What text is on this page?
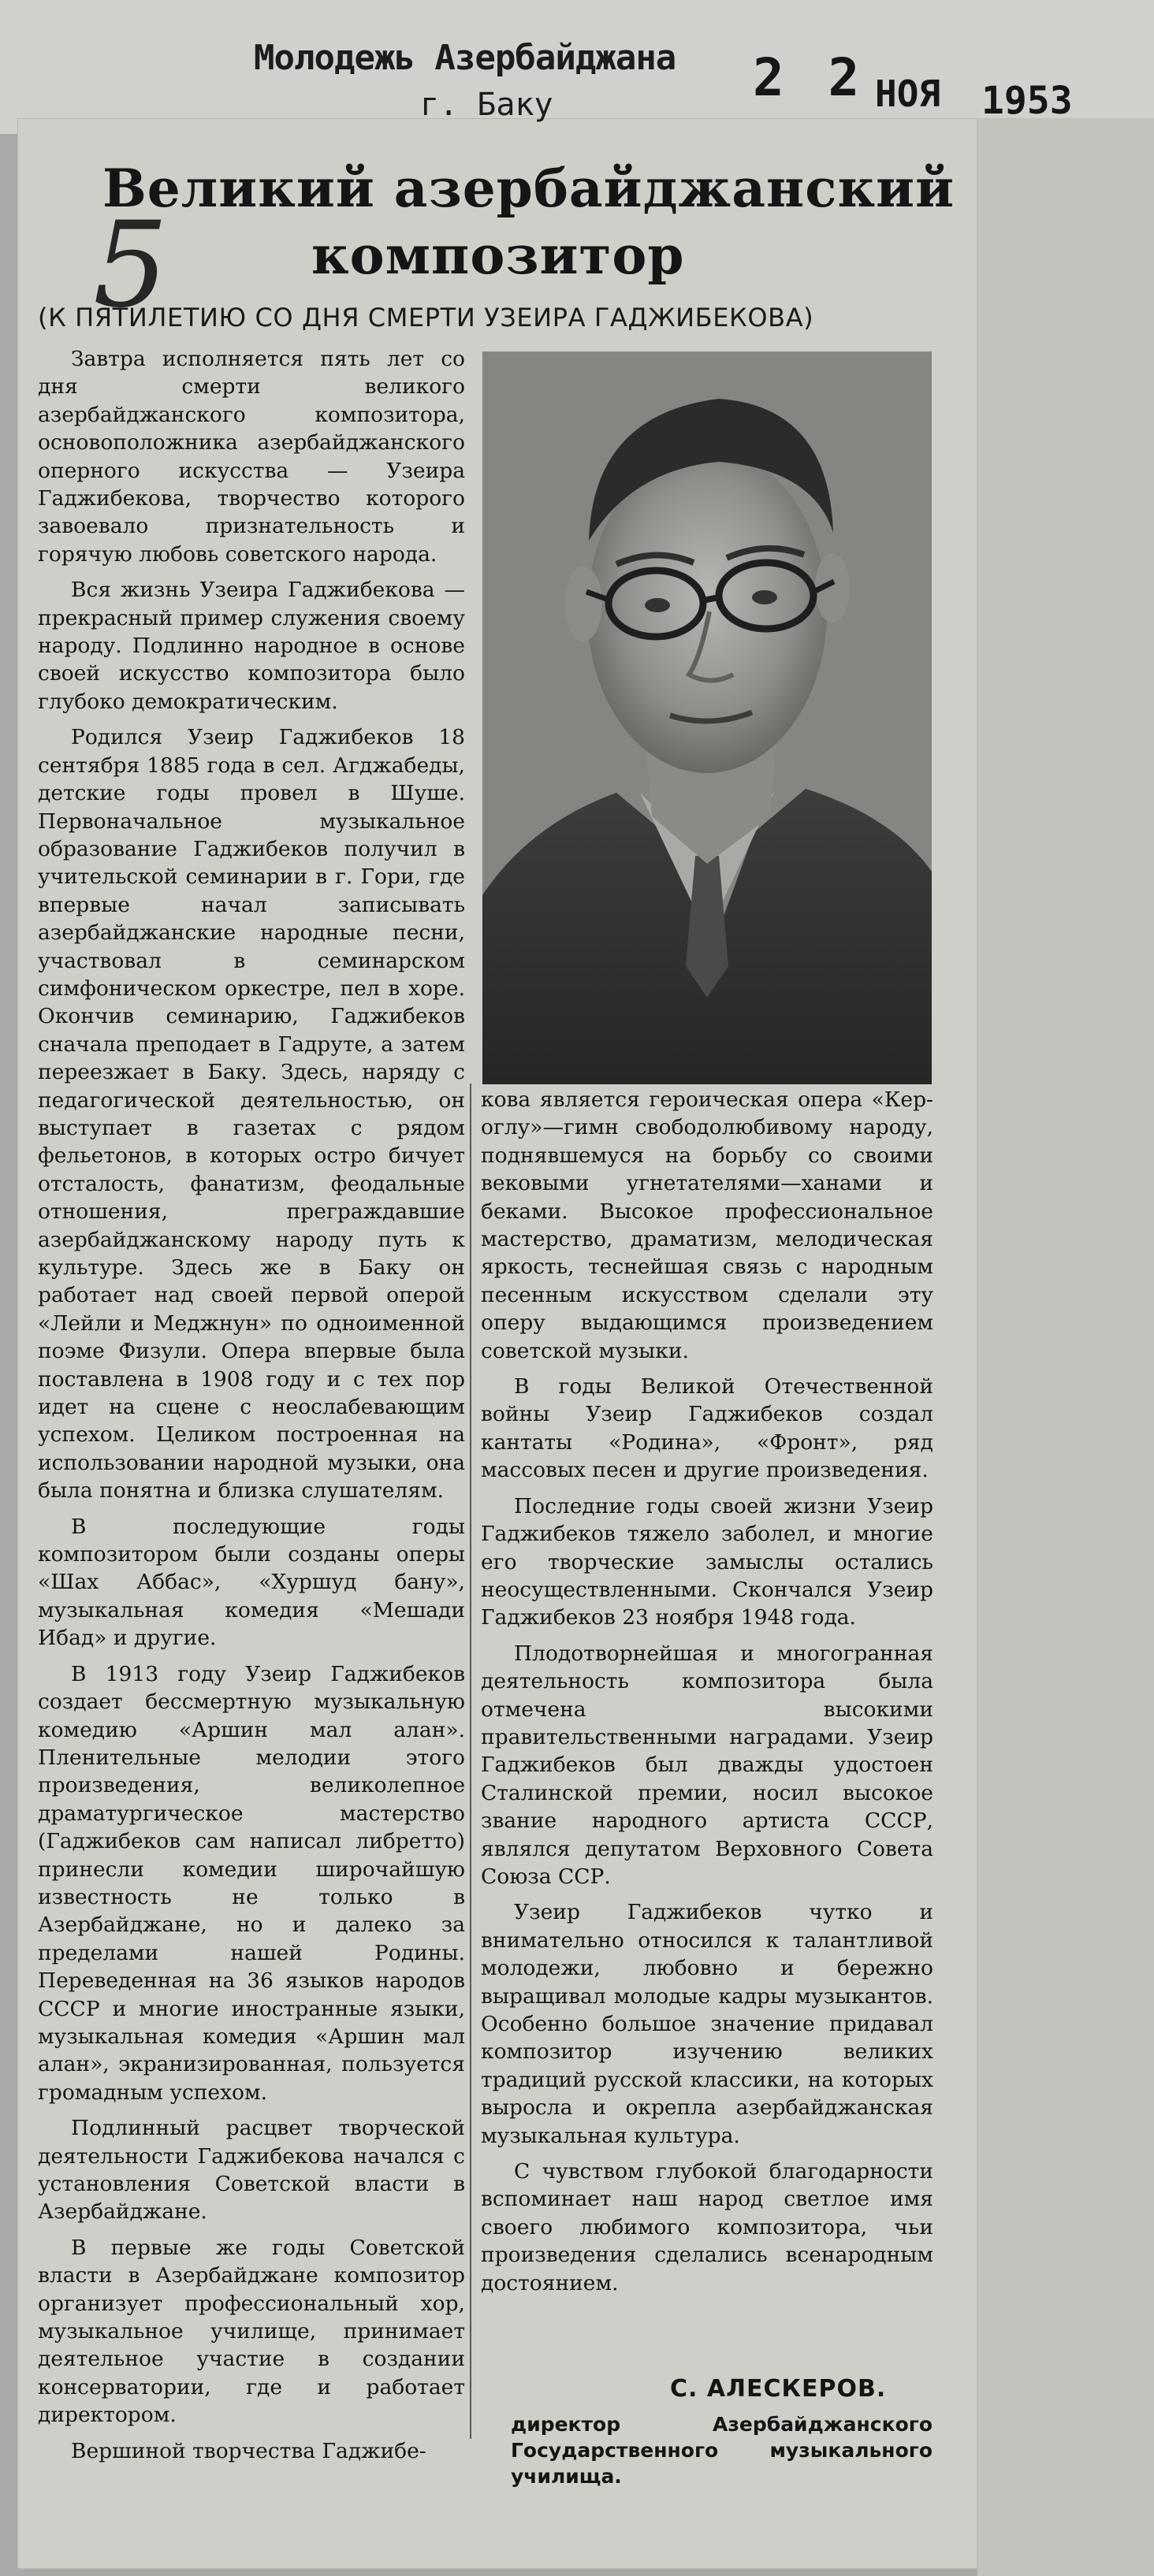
Молодежь Азербайджана
г. Баку	2 2 НОЯ 1953
Великий азербайджанский
5	композитор
(К ПЯТИЛЕТИЮ СО ДНЯ СМЕРТИ УЗЕИРА ГАДЖИБЕКОВА)

Завтра исполняется пять лет со дня смерти великого азербайджанского композитора, основоположника азербайджанского оперного искусства — Узеира Гаджибекова, творчество которого завоевало признательность и горячую любовь советского народа.

Вся жизнь Узеира Гаджибекова —прекрасный пример служения своему народу. Подлинно народное в основе своей искусство композитора было глубоко демократическим.

Родился Узеир Гаджибеков 18 сентября 1885 года в сел. Агджабеды, детские годы провел в Шуше. Первоначальное музыкальное образование Гаджибеков получил в учительской семинарии в г. Гори, где впервые начал записывать азербайджанские народные песни, участвовал в семинарском симфоническом оркестре, пел в хоре. Окончив семинарию, Гаджибеков сначала преподает в Гадруте, а затем переезжает в Баку. Здесь, наряду с педагогической деятельностью, он выступает в газетах с рядом фельетонов, в которых остро бичует отсталость, фанатизм, феодальные отношения, преграждавшие азербайджанскому народу путь к культуре. Здесь же в Баку он работает над своей первой оперой «Лейли и Меджнун» по одноименной поэме Физули. Опера впервые была поставлена в 1908 году и с тех пор идет на сцене с неослабевающим успехом. Целиком построенная на использовании народной музыки, она была понятна и близка слушателям.

В последующие годы композитором были созданы оперы «Шах Аббас», «Хуршуд бану», музыкальная комедия «Мешади Ибад» и другие.

В 1913 году Узеир Гаджибеков создает бессмертную музыкальную комедию «Аршин мал алан». Пленительные мелодии этого произведения, великолепное драматургическое мастерство (Гаджибеков сам написал либретто) принесли комедии широчайшую известность не только в Азербайджане, но и далеко за пределами нашей Родины. Переведенная на 36 языков народов СССР и многие иностранные языки, музыкальная комедия «Аршин мал алан», экранизированная, пользуется громадным успехом.

Подлинный расцвет творческой деятельности Гаджибекова начался с установления Советской власти в Азербайджане.

В первые же годы Советской власти в Азербайджане композитор организует профессиональный хор, музыкальное училище, принимает деятельное участие в создании консерватории, где и работает директором.

Вершиной творчества Гаджибе-

кова является героическая опера «Кер-оглу»—гимн свободолюбивому народу, поднявшемуся на борьбу со своими вековыми угнетателями—ханами и беками. Высокое профессиональное мастерство, драматизм, мелодическая яркость, теснейшая связь с народным песенным искусством сделали эту оперу выдающимся произведением советской музыки.

В годы Великой Отечественной войны Узеир Гаджибеков создал кантаты «Родина», «Фронт», ряд массовых песен и другие произведения.

Последние годы своей жизни Узеир Гаджибеков тяжело заболел, и многие его творческие замыслы остались неосуществленными. Скончался Узеир Гаджибеков 23 ноября 1948 года.

Плодотворнейшая и многогранная деятельность композитора была отмечена высокими правительственными наградами. Узеир Гаджибеков был дважды удостоен Сталинской премии, носил высокое звание народного артиста СССР, являлся депутатом Верховного Совета Союза ССР.

Узеир Гаджибеков чутко и внимательно относился к талантливой молодежи, любовно и бережно выращивал молодые кадры музыкантов. Особенно большое значение придавал композитор изучению великих традиций русской классики, на которых выросла и окрепла азербайджанская музыкальная культура.

С чувством глубокой благодарности вспоминает наш народ светлое имя своего любимого композитора, чьи произведения сделались всенародным достоянием.

С. АЛЕСКЕРОВ.
директор Азербайджанского Государственного музыкального училища.
